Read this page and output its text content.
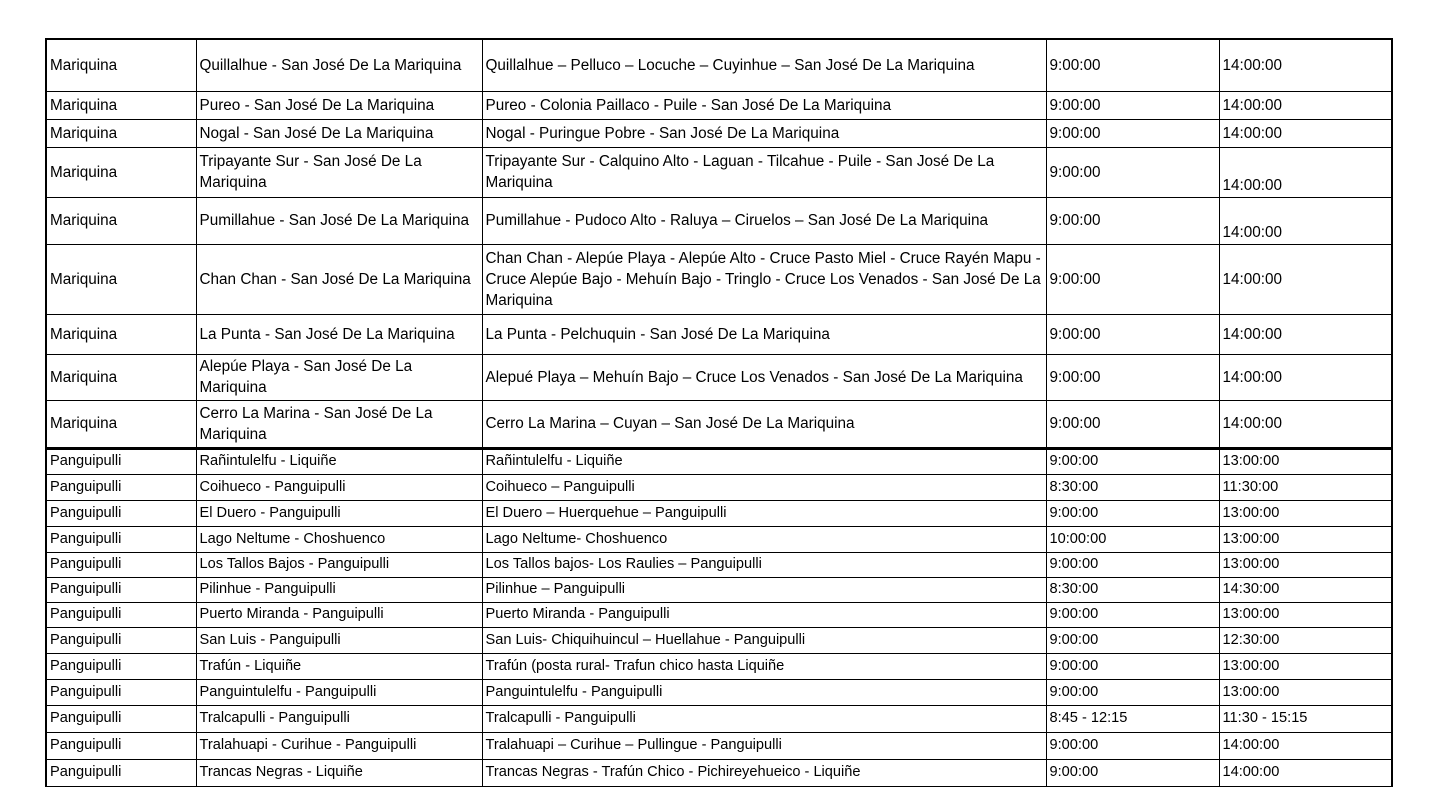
Mariquina	Quillalhue - San José De La Mariquina	Quillalhue – Pelluco – Locuche – Cuyinhue – San José De La Mariquina	9:00:00	14:00:00
Mariquina	Pureo - San José De La Mariquina	Pureo - Colonia Paillaco - Puile - San José De La Mariquina	9:00:00	14:00:00
Mariquina	Nogal - San José De La Mariquina	Nogal - Puringue Pobre - San José De La Mariquina	9:00:00	14:00:00
Mariquina	Tripayante Sur - San José De La Mariquina	Tripayante Sur - Calquino Alto - Laguan - Tilcahue - Puile - San José De La Mariquina	9:00:00	14:00:00
Mariquina	Pumillahue - San José De La Mariquina	Pumillahue - Pudoco Alto - Raluya – Ciruelos – San José De La Mariquina	9:00:00	14:00:00
Mariquina	Chan Chan - San José De La Mariquina	Chan Chan - Alepúe Playa - Alepúe Alto - Cruce Pasto Miel - Cruce Rayén Mapu - Cruce Alepúe Bajo - Mehuín Bajo - Tringlo - Cruce Los Venados - San José De La Mariquina	9:00:00	14:00:00
Mariquina	La Punta - San José De La Mariquina	La Punta - Pelchuquin - San José De La Mariquina	9:00:00	14:00:00
Mariquina	Alepúe Playa - San José De La Mariquina	Alepué Playa – Mehuín Bajo – Cruce Los Venados - San José De La Mariquina	9:00:00	14:00:00
Mariquina	Cerro La Marina - San José De La Mariquina	Cerro La Marina – Cuyan – San José De La Mariquina	9:00:00	14:00:00
Panguipulli	Rañintulelfu - Liquiñe	Rañintulelfu - Liquiñe	9:00:00	13:00:00
Panguipulli	Coihueco - Panguipulli	Coihueco – Panguipulli	8:30:00	11:30:00
Panguipulli	El Duero - Panguipulli	El Duero – Huerquehue – Panguipulli	9:00:00	13:00:00
Panguipulli	Lago Neltume - Choshuenco	Lago Neltume- Choshuenco	10:00:00	13:00:00
Panguipulli	Los Tallos Bajos - Panguipulli	Los Tallos bajos- Los Raulies – Panguipulli	9:00:00	13:00:00
Panguipulli	Pilinhue - Panguipulli	Pilinhue – Panguipulli	8:30:00	14:30:00
Panguipulli	Puerto Miranda - Panguipulli	Puerto Miranda - Panguipulli	9:00:00	13:00:00
Panguipulli	San Luis - Panguipulli	San Luis- Chiquihuincul – Huellahue - Panguipulli	9:00:00	12:30:00
Panguipulli	Trafún - Liquiñe	Trafún (posta rural- Trafun chico hasta Liquiñe	9:00:00	13:00:00
Panguipulli	Panguintulelfu - Panguipulli	Panguintulelfu - Panguipulli	9:00:00	13:00:00
Panguipulli	Tralcapulli - Panguipulli	Tralcapulli - Panguipulli	8:45 - 12:15	11:30 - 15:15
Panguipulli	Tralahuapi - Curihue - Panguipulli	Tralahuapi – Curihue – Pullingue - Panguipulli	9:00:00	14:00:00
Panguipulli	Trancas Negras - Liquiñe	Trancas Negras - Trafún Chico - Pichireyehueico - Liquiñe	9:00:00	14:00:00
